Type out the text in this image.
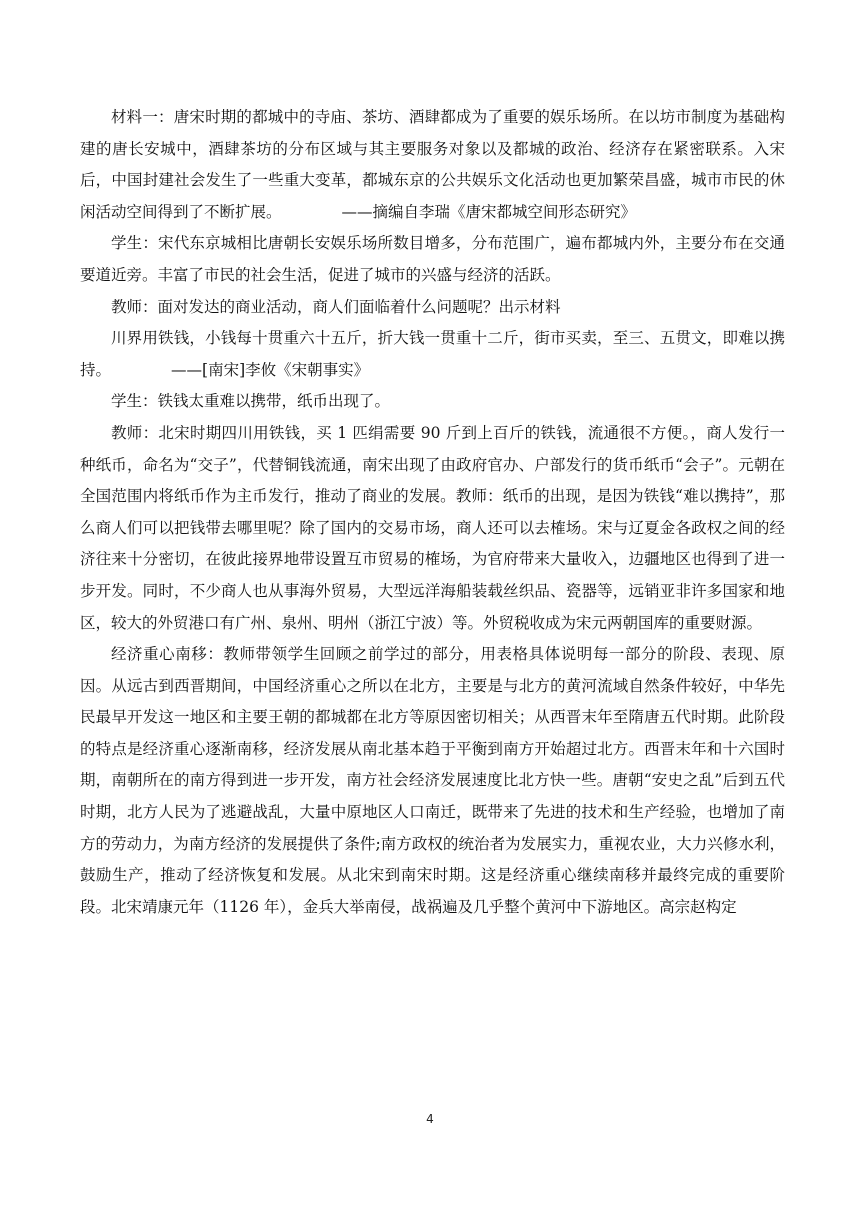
材料一：唐宋时期的都城中的寺庙、茶坊、酒肆都成为了重要的娱乐场所。在以坊市制度为基础构建的唐长安城中，酒肆茶坊的分布区域与其主要服务对象以及都城的政治、经济存在紧密联系。入宋后，中国封建社会发生了一些重大变革，都城东京的公共娱乐文化活动也更加繁荣昌盛，城市市民的休闲活动空间得到了不断扩展。	——摘编自李瑞《唐宋都城空间形态研究》

学生：宋代东京城相比唐朝长安娱乐场所数目增多，分布范围广，遍布都城内外，主要分布在交通要道近旁。丰富了市民的社会生活，促进了城市的兴盛与经济的活跃。

教师：面对发达的商业活动，商人们面临着什么问题呢？出示材料

川界用铁钱，小钱每十贯重六十五斤，折大钱一贯重十二斤，街市买卖，至三、五贯文，即难以携持。	——[南宋]李攸《宋朝事实》

学生：铁钱太重难以携带，纸币出现了。

教师：北宋时期四川用铁钱，买 1 匹绢需要 90 斤到上百斤的铁钱，流通很不方便。，商人发行一种纸币，命名为“交子”，代替铜钱流通，南宋出现了由政府官办、户部发行的货币纸币“会子”。元朝在全国范围内将纸币作为主币发行，推动了商业的发展。教师：纸币的出现，是因为铁钱“难以携持”，那么商人们可以把钱带去哪里呢？除了国内的交易市场，商人还可以去榷场。宋与辽夏金各政权之间的经济往来十分密切，在彼此接界地带设置互市贸易的榷场，为官府带来大量收入，边疆地区也得到了进一步开发。同时，不少商人也从事海外贸易，大型远洋海船装载丝织品、瓷器等，远销亚非许多国家和地区，较大的外贸港口有广州、泉州、明州（浙江宁波）等。外贸税收成为宋元两朝国库的重要财源。

经济重心南移：教师带领学生回顾之前学过的部分，用表格具体说明每一部分的阶段、表现、原因。从远古到西晋期间，中国经济重心之所以在北方，主要是与北方的黄河流域自然条件较好，中华先民最早开发这一地区和主要王朝的都城都在北方等原因密切相关；从西晋末年至隋唐五代时期。此阶段的特点是经济重心逐渐南移，经济发展从南北基本趋于平衡到南方开始超过北方。西晋末年和十六国时期，南朝所在的南方得到进一步开发，南方社会经济发展速度比北方快一些。唐朝“安史之乱”后到五代时期，北方人民为了逃避战乱，大量中原地区人口南迁，既带来了先进的技术和生产经验，也增加了南方的劳动力，为南方经济的发展提供了条件;南方政权的统治者为发展实力，重视农业，大力兴修水利，鼓励生产，推动了经济恢复和发展。从北宋到南宋时期。这是经济重心继续南移并最终完成的重要阶段。北宋靖康元年（1126 年），金兵大举南侵，战祸遍及几乎整个黄河中下游地区。高宗赵构定

4
